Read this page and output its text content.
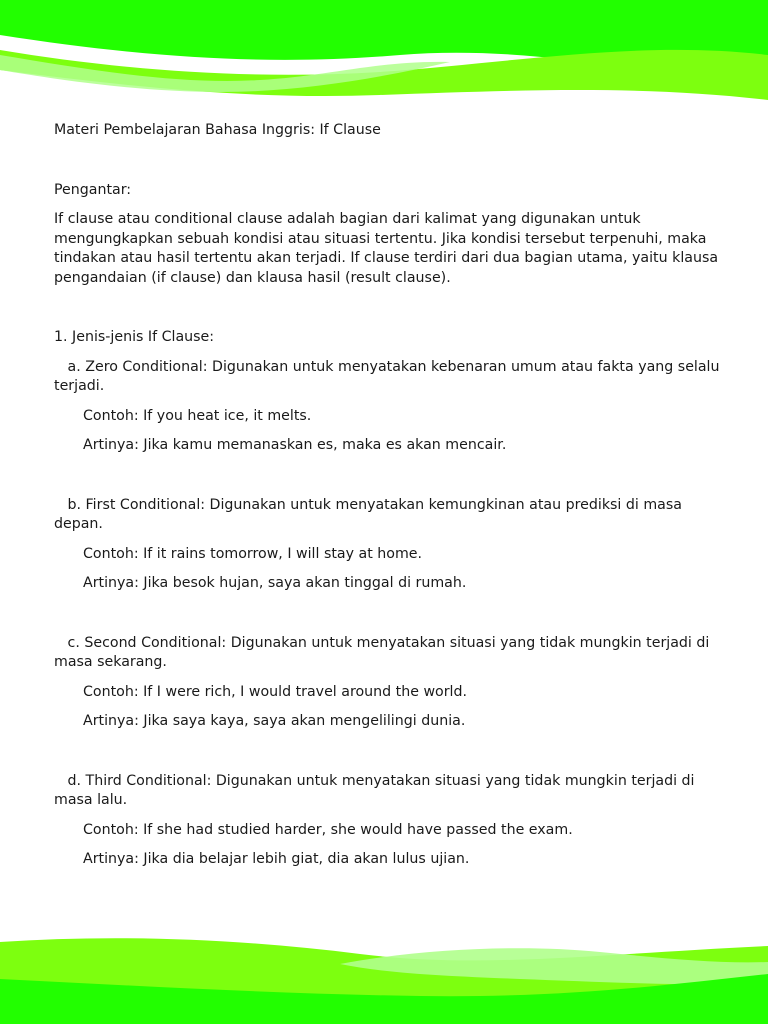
Materi Pembelajaran Bahasa Inggris: If Clause

Pengantar:

If clause atau conditional clause adalah bagian dari kalimat yang digunakan untuk mengungkapkan sebuah kondisi atau situasi tertentu. Jika kondisi tersebut terpenuhi, maka tindakan atau hasil tertentu akan terjadi. If clause terdiri dari dua bagian utama, yaitu klausa pengandaian (if clause) dan klausa hasil (result clause).

1. Jenis-jenis If Clause:

a. Zero Conditional: Digunakan untuk menyatakan kebenaran umum atau fakta yang selalu terjadi.

Contoh: If you heat ice, it melts.

Artinya: Jika kamu memanaskan es, maka es akan mencair.

b. First Conditional: Digunakan untuk menyatakan kemungkinan atau prediksi di masa depan.

Contoh: If it rains tomorrow, I will stay at home.

Artinya: Jika besok hujan, saya akan tinggal di rumah.

c. Second Conditional: Digunakan untuk menyatakan situasi yang tidak mungkin terjadi di masa sekarang.

Contoh: If I were rich, I would travel around the world.

Artinya: Jika saya kaya, saya akan mengelilingi dunia.

d. Third Conditional: Digunakan untuk menyatakan situasi yang tidak mungkin terjadi di masa lalu.

Contoh: If she had studied harder, she would have passed the exam.

Artinya: Jika dia belajar lebih giat, dia akan lulus ujian.
